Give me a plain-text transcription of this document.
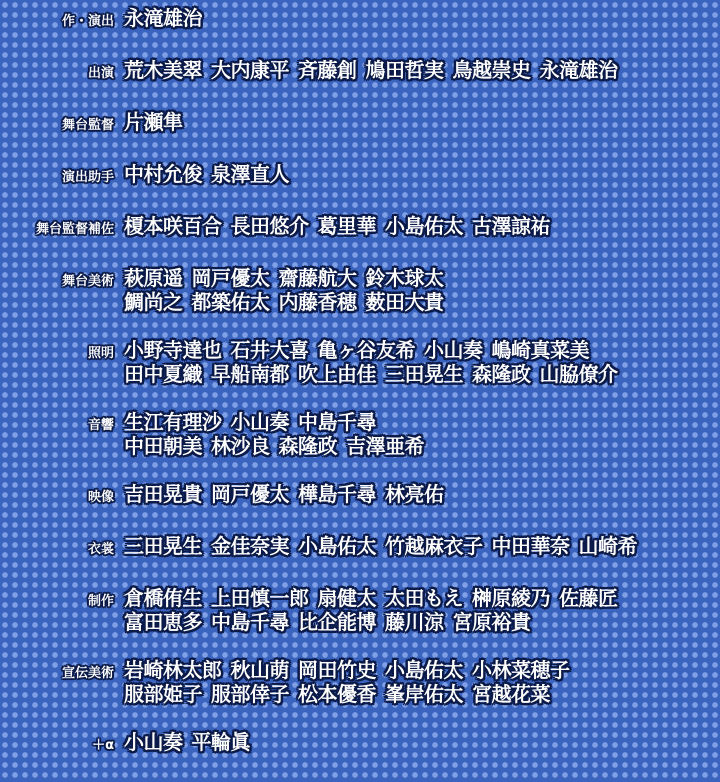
作・演出 永滝雄治
出演 荒木美翠 大内康平 斉藤創 鳩田哲実 鳥越崇史 永滝雄治
舞台監督 片瀬隼
演出助手 中村允俊 泉澤直人
舞台監督補佐 榎本咲百合 長田悠介 葛里華 小島佑太 古澤諒祐
舞台美術 萩原遥 岡戸優太 齋藤航大 鈴木球太
鯛尚之 都築佑太 内藤香穂 薮田大貴
照明 小野寺達也 石井大喜 亀ヶ谷友希 小山奏 嶋崎真菜美
田中夏織 早船南都 吹上由佳 三田晃生 森隆政 山脇僚介
音響 生江有理沙 小山奏 中島千尋
中田朝美 林沙良 森隆政 吉澤亜希
映像 吉田晃貴 岡戸優太 樺島千尋 林亮佑
衣裳 三田晃生 金佳奈実 小島佑太 竹越麻衣子 中田華奈 山崎希
制作 倉橋侑生 上田慎一郎 扇健太 太田もえ 榊原綾乃 佐藤匠
富田恵多 中島千尋 比企能博 藤川涼 宮原裕貴
宣伝美術 岩崎林太郎 秋山萌 岡田竹史 小島佑太 小林菜穂子
服部姫子 服部倖子 松本優香 峯岸佑太 宮越花菜
＋α 小山奏 平輪眞
